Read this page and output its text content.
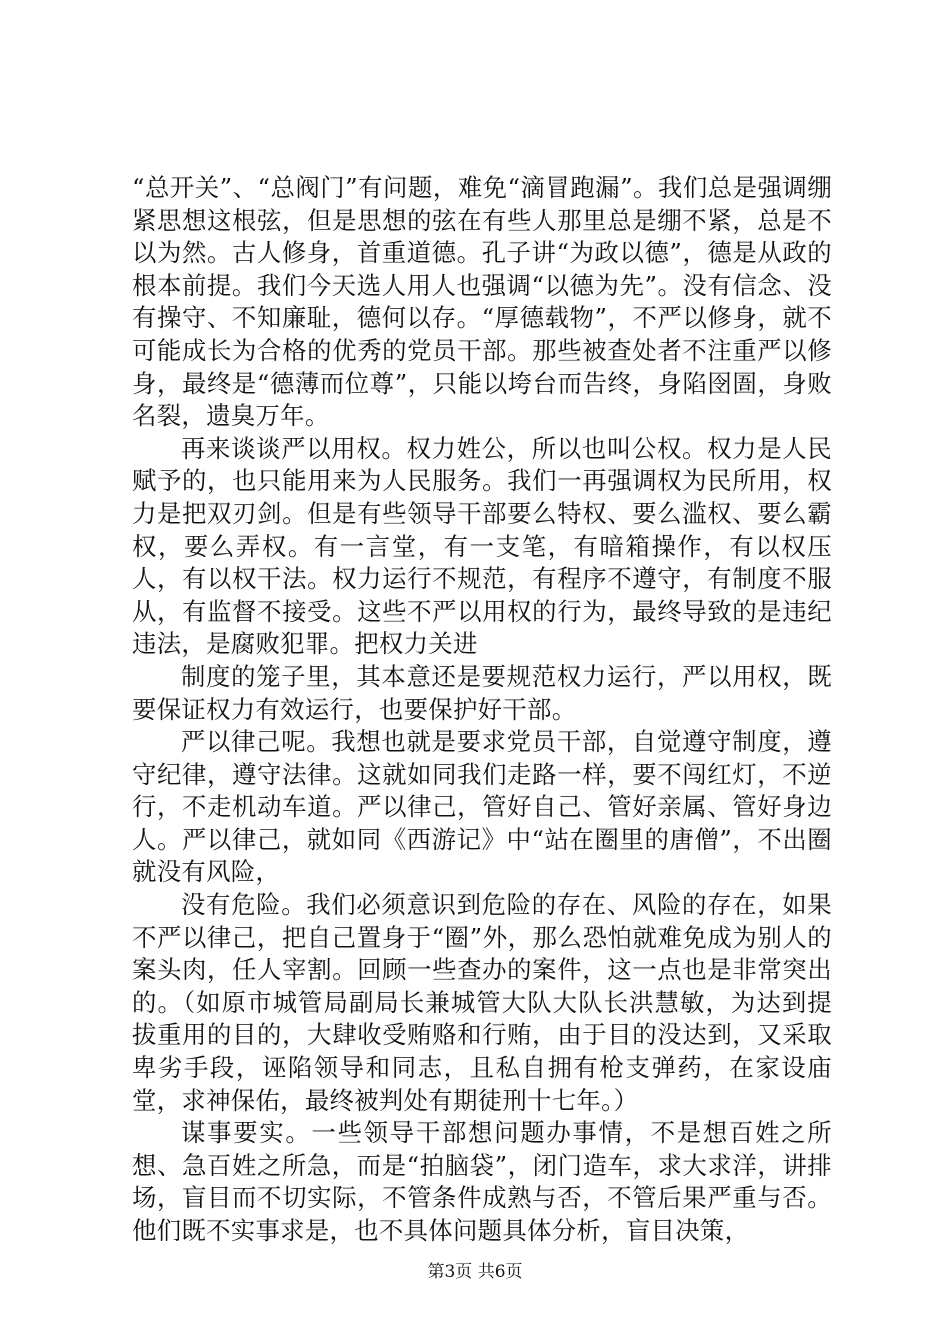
“总开关”、“总阀门”有问题，难免“滴冒跑漏”。我们总是强调绷紧思想这根弦，但是思想的弦在有些人那里总是绷不紧，总是不以为然。古人修身，首重道德。孔子讲“为政以德”，德是从政的根本前提。我们今天选人用人也强调“以德为先”。没有信念、没有操守、不知廉耻，德何以存。“厚德载物”，不严以修身，就不可能成长为合格的优秀的党员干部。那些被查处者不注重严以修身，最终是“德薄而位尊”，只能以垮台而告终，身陷囹圄，身败名裂，遗臭万年。

再来谈谈严以用权。权力姓公，所以也叫公权。权力是人民赋予的，也只能用来为人民服务。我们一再强调权为民所用，权力是把双刃剑。但是有些领导干部要么特权、要么滥权、要么霸权，要么弄权。有一言堂，有一支笔，有暗箱操作，有以权压人，有以权干法。权力运行不规范，有程序不遵守，有制度不服从，有监督不接受。这些不严以用权的行为，最终导致的是违纪违法，是腐败犯罪。把权力关进

制度的笼子里，其本意还是要规范权力运行，严以用权，既要保证权力有效运行，也要保护好干部。

严以律己呢。我想也就是要求党员干部，自觉遵守制度，遵守纪律，遵守法律。这就如同我们走路一样，要不闯红灯，不逆行，不走机动车道。严以律己，管好自己、管好亲属、管好身边人。严以律己，就如同《西游记》中“站在圈里的唐僧”，不出圈就没有风险，

没有危险。我们必须意识到危险的存在、风险的存在，如果不严以律己，把自己置身于“圈”外，那么恐怕就难免成为别人的案头肉，任人宰割。回顾一些查办的案件，这一点也是非常突出的。（如原市城管局副局长兼城管大队大队长洪慧敏，为达到提拔重用的目的，大肆收受贿赂和行贿，由于目的没达到，又采取卑劣手段，诬陷领导和同志，且私自拥有枪支弹药，在家设庙堂，求神保佑，最终被判处有期徒刑十七年。）

谋事要实。一些领导干部想问题办事情，不是想百姓之所想、急百姓之所急，而是“拍脑袋”，闭门造车，求大求洋，讲排场，盲目而不切实际，不管条件成熟与否，不管后果严重与否。他们既不实事求是，也不具体问题具体分析，盲目决策，

第3页 共6页
